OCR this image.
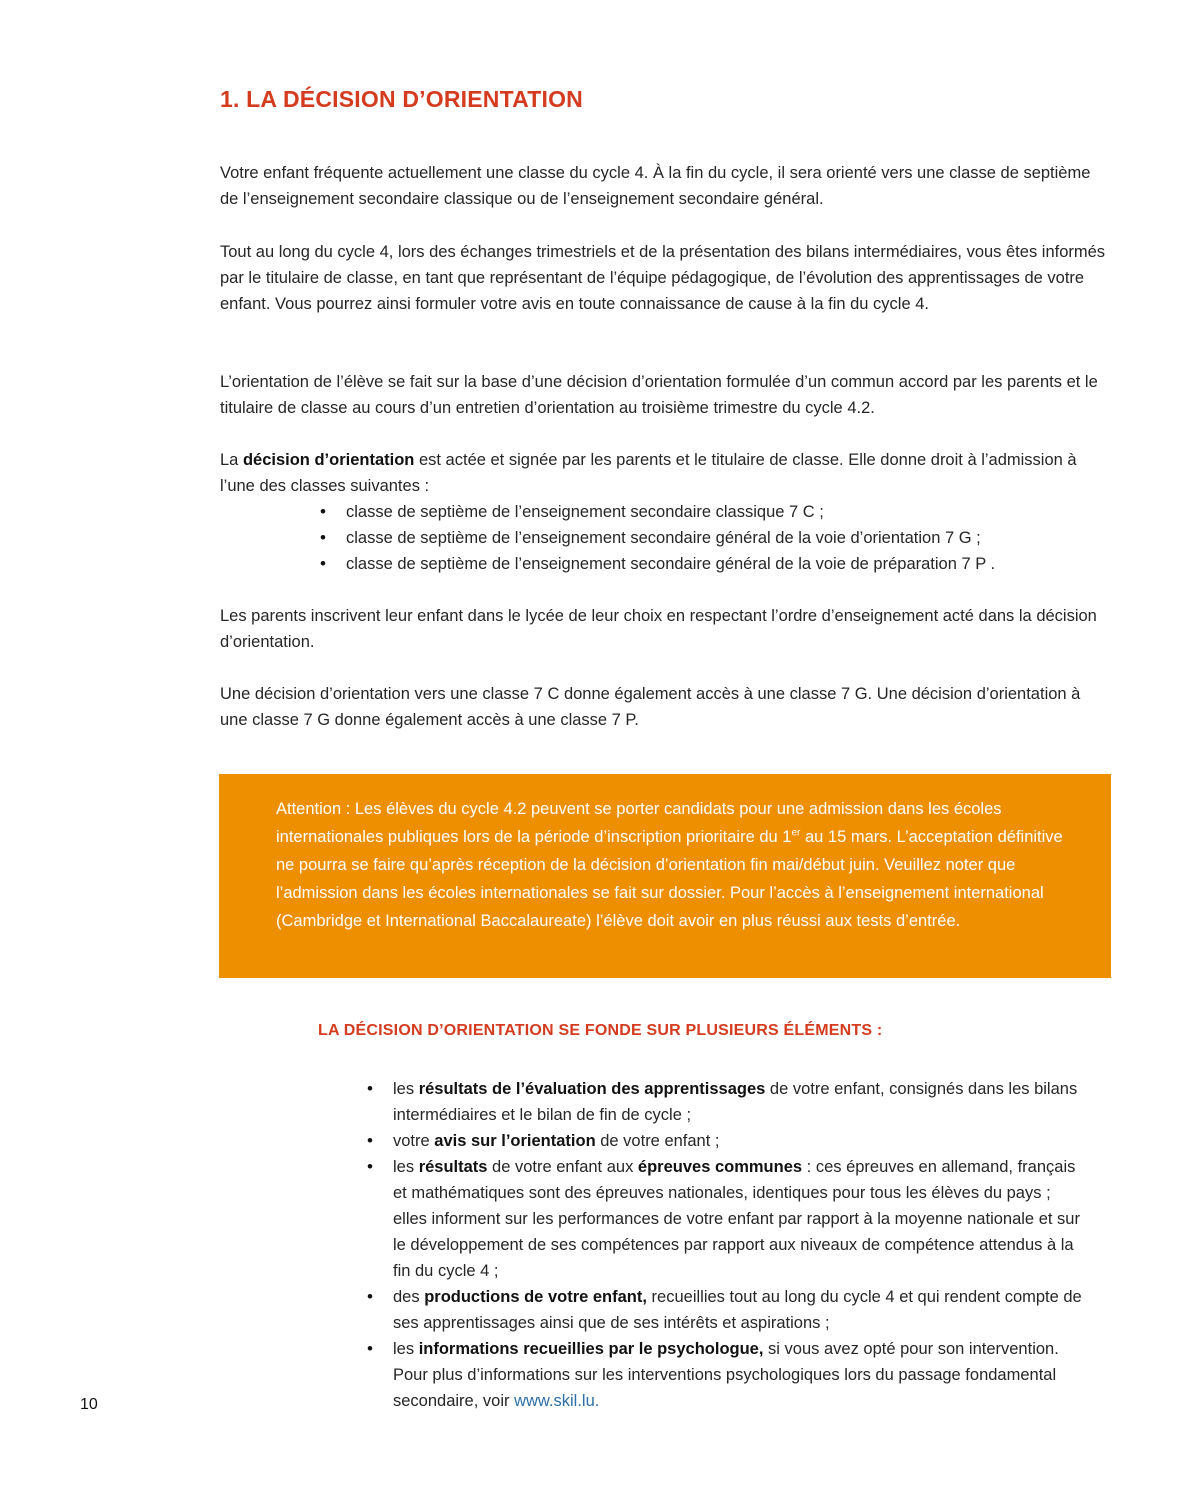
1. LA DÉCISION D’ORIENTATION

Votre enfant fréquente actuellement une classe du cycle 4. À la fin du cycle, il sera orienté vers une classe de septième de l’enseignement secondaire classique ou de l’enseignement secondaire général.

Tout au long du cycle 4, lors des échanges trimestriels et de la présentation des bilans intermédiaires, vous êtes informés par le titulaire de classe, en tant que représentant de l’équipe pédagogique, de l’évolution des apprentissages de votre enfant. Vous pourrez ainsi formuler votre avis en toute connaissance de cause à la fin du cycle 4.

L’orientation de l’élève se fait sur la base d’une décision d’orientation formulée d’un commun accord par les parents et le titulaire de classe au cours d’un entretien d’orientation au troisième trimestre du cycle 4.2.

La décision d’orientation est actée et signée par les parents et le titulaire de classe. Elle donne droit à l’admission à l’une des classes suivantes :

• classe de septième de l’enseignement secondaire classique 7 C ;
• classe de septième de l’enseignement secondaire général de la voie d’orientation 7 G ;
• classe de septième de l’enseignement secondaire général de la voie de préparation 7 P .

Les parents inscrivent leur enfant dans le lycée de leur choix en respectant l’ordre d’enseignement acté dans la décision d’orientation.

Une décision d’orientation vers une classe 7 C donne également accès à une classe 7 G. Une décision d’orientation à une classe 7 G donne également accès à une classe 7 P.

Attention : Les élèves du cycle 4.2 peuvent se porter candidats pour une admission dans les écoles internationales publiques lors de la période d’inscription prioritaire du 1er au 15 mars. L’acceptation définitive ne pourra se faire qu’après réception de la décision d’orientation fin mai/début juin. Veuillez noter que l’admission dans les écoles internationales se fait sur dossier. Pour l’accès à l’enseignement international (Cambridge et International Baccalaureate) l’élève doit avoir en plus réussi aux tests d’entrée.

LA DÉCISION D’ORIENTATION SE FONDE SUR PLUSIEURS ÉLÉMENTS :
• les résultats de l’évaluation des apprentissages de votre enfant, consignés dans les bilans intermédiaires et le bilan de fin de cycle ;
• votre avis sur l’orientation de votre enfant ;
• les résultats de votre enfant aux épreuves communes : ces épreuves en allemand, français et mathématiques sont des épreuves nationales, identiques pour tous les élèves du pays ; elles informent sur les performances de votre enfant par rapport à la moyenne nationale et sur le développement de ses compétences par rapport aux niveaux de compétence attendus à la fin du cycle 4 ;
• des productions de votre enfant, recueillies tout au long du cycle 4 et qui rendent compte de ses apprentissages ainsi que de ses intérêts et aspirations ;
• les informations recueillies par le psychologue, si vous avez opté pour son intervention. Pour plus d’informations sur les interventions psychologiques lors du passage fondamental secondaire, voir www.skil.lu.

10
